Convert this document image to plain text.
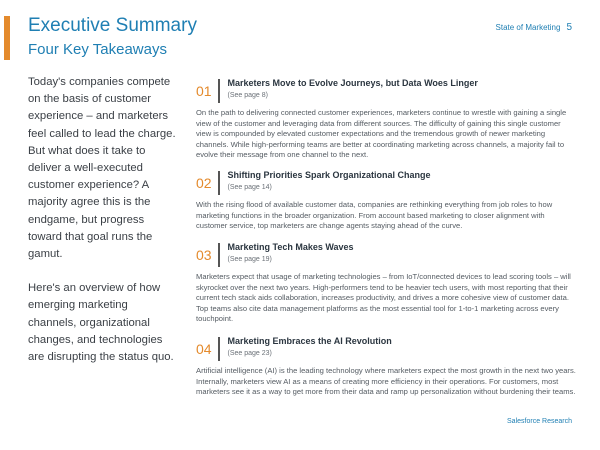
Executive Summary
Four Key Takeaways
State of Marketing 5

Today's companies compete on the basis of customer experience – and marketers feel called to lead the charge. But what does it take to deliver a well-executed customer experience? A majority agree this is the endgame, but progress toward that goal runs the gamut.

Here's an overview of how emerging marketing channels, organizational changes, and technologies are disrupting the status quo.

01	Marketers Move to Evolve Journeys, but Data Woes Linger
(See page 8)

On the path to delivering connected customer experiences, marketers continue to wrestle with gaining a single view of the customer and leveraging data from different sources. The difficulty of gaining this single customer view is compounded by elevated customer expectations and the tremendous growth of newer marketing channels. While high-performing teams are better at coordinating marketing across channels, a majority fail to evolve their message from one channel to the next.

02	Shifting Priorities Spark Organizational Change
(See page 14)

With the rising flood of available customer data, companies are rethinking everything from job roles to how marketing functions in the broader organization. From account based marketing to closer alignment with customer service, top marketers are change agents staying ahead of the curve.

03	Marketing Tech Makes Waves
(See page 19)

Marketers expect that usage of marketing technologies – from IoT/connected devices to lead scoring tools – will skyrocket over the next two years. High-performers tend to be heavier tech users, with most reporting that their current tech stack aids collaboration, increases productivity, and drives a more cohesive view of customer data. Top teams also cite data management platforms as the most essential tool for 1-to-1 marketing across every touchpoint.

04	Marketing Embraces the AI Revolution
(See page 23)

Artificial intelligence (AI) is the leading technology where marketers expect the most growth in the next two years. Internally, marketers view AI as a means of creating more efficiency in their operations. For customers, most marketers see it as a way to get more from their data and ramp up personalization without burdening their teams.

Salesforce Research
